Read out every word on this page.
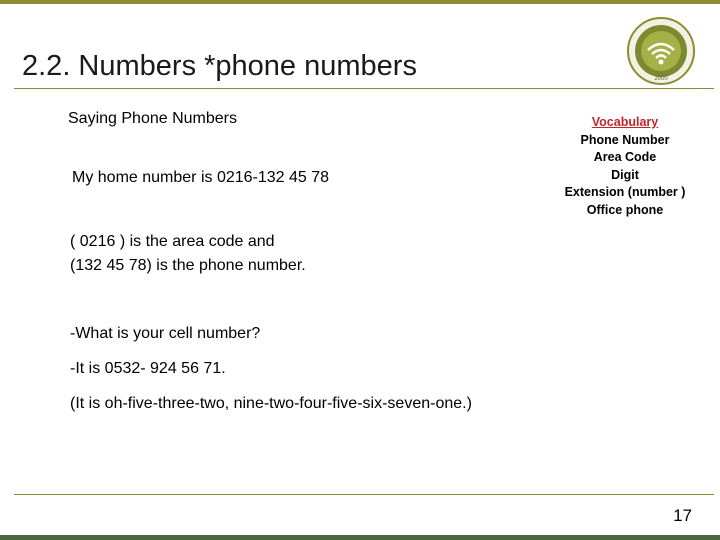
2.2. Numbers *phone numbers	2000
Saying Phone Numbers	Vocabulary
Phone Number
Area Code
Digit
Extension (number )
Office phone
My home number is 0216-132 45 78
( 0216 ) is the area code and
(132 45 78) is the phone number.
-What is your cell number?
-It is 0532- 924 56 71.
(It is oh-five-three-two, nine-two-four-five-six-seven-one.)
17
